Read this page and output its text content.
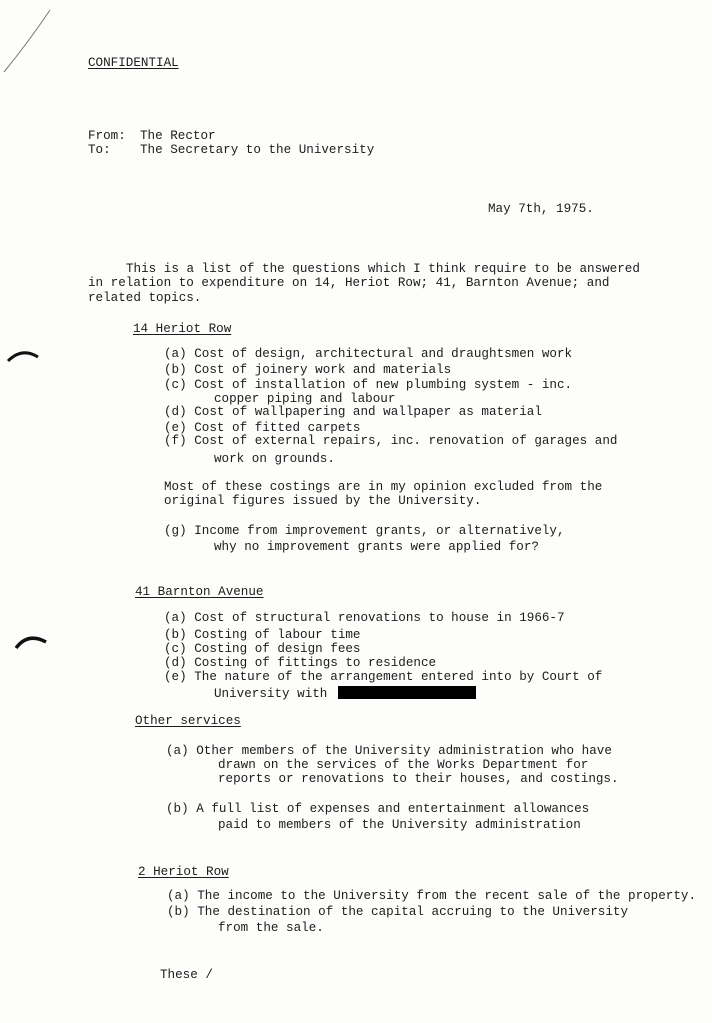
CONFIDENTIAL
From: The Rector
To: The Secretary to the University
May 7th, 1975.
This is a list of the questions which I think require to be answered
in relation to expenditure on 14, Heriot Row; 41, Barnton Avenue; and
related topics.
14 Heriot Row
(a) Cost of design, architectural and draughtsmen work
(b) Cost of joinery work and materials
(c) Cost of installation of new plumbing system - inc.
copper piping and labour
(d) Cost of wallpapering and wallpaper as material
(e) Cost of fitted carpets
(f) Cost of external repairs, inc. renovation of garages and
work on grounds.
Most of these costings are in my opinion excluded from the
original figures issued by the University.
(g) Income from improvement grants, or alternatively,
why no improvement grants were applied for?
41 Barnton Avenue
(a) Cost of structural renovations to house in 1966-7
(b) Costing of labour time
(c) Costing of design fees
(d) Costing of fittings to residence
(e) The nature of the arrangement entered into by Court of
University with
Other services
(a) Other members of the University administration who have
drawn on the services of the Works Department for
reports or renovations to their houses, and costings.
(b) A full list of expenses and entertainment allowances
paid to members of the University administration
2 Heriot Row
(a) The income to the University from the recent sale of the property.
(b) The destination of the capital accruing to the University
from the sale.
These /
